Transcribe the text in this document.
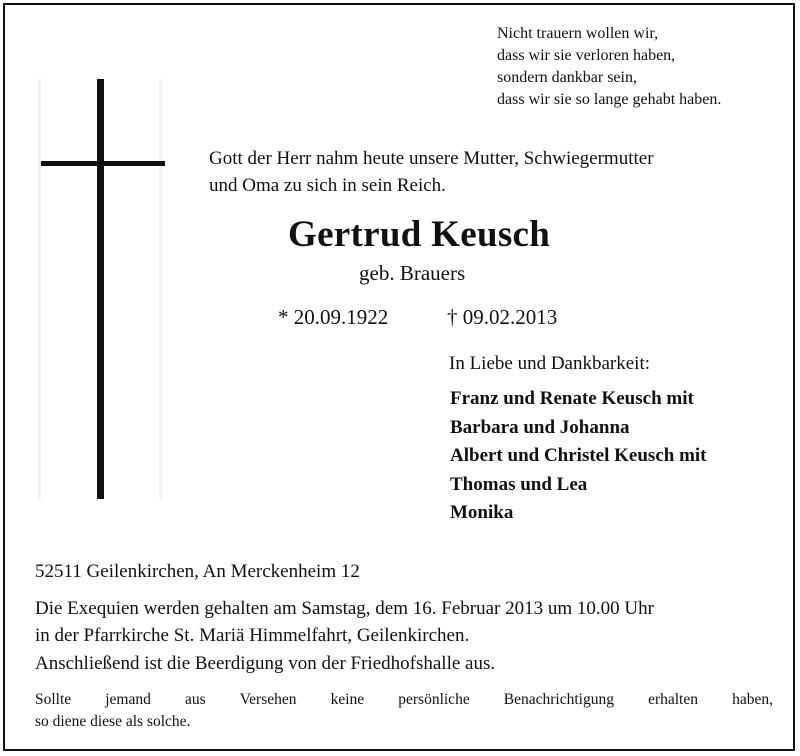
Nicht trauern wollen wir,
dass wir sie verloren haben,
sondern dankbar sein,
dass wir sie so lange gehabt haben.
Gott der Herr nahm heute unsere Mutter, Schwiegermutter
und Oma zu sich in sein Reich.
Gertrud Keusch
geb. Brauers
* 20.09.1922	† 09.02.2013
In Liebe und Dankbarkeit:
Franz und Renate Keusch mit
Barbara und Johanna
Albert und Christel Keusch mit
Thomas und Lea
Monika
52511 Geilenkirchen, An Merckenheim 12
Die Exequien werden gehalten am Samstag, dem 16. Februar 2013 um 10.00 Uhr
in der Pfarrkirche St. Mariä Himmelfahrt, Geilenkirchen.
Anschließend ist die Beerdigung von der Friedhofshalle aus.
Sollte jemand aus Versehen keine persönliche Benachrichtigung erhalten haben,
so diene diese als solche.
